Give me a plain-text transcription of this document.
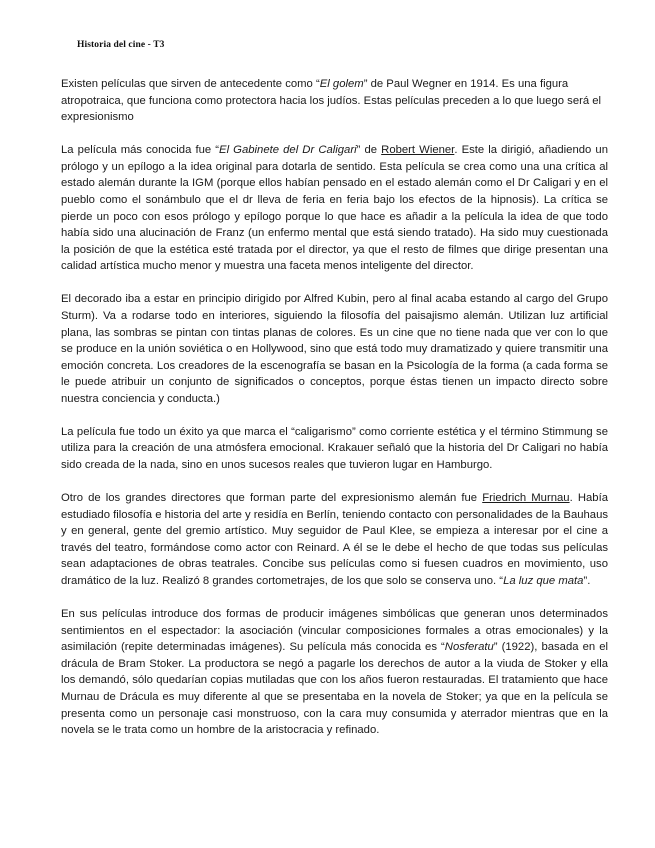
Historia del cine - T3

Existen películas que sirven de antecedente como “El golem” de Paul Wegner en 1914. Es una figura atropotraica, que funciona como protectora hacia los judíos. Estas películas preceden a lo que luego será el expresionismo

La película más conocida fue “El Gabinete del Dr Caligari” de Robert Wiener. Este la dirigió, añadiendo un prólogo y un epílogo a la idea original para dotarla de sentido. Esta película se crea como una una crítica al estado alemán durante la IGM (porque ellos habían pensado en el estado alemán como el Dr Caligari y en el pueblo como el sonámbulo que el dr lleva de feria en feria bajo los efectos de la hipnosis). La crítica se pierde un poco con esos prólogo y epílogo porque lo que hace es añadir a la película la idea de que todo había sido una alucinación de Franz (un enfermo mental que está siendo tratado). Ha sido muy cuestionada la posición de que la estética esté tratada por el director, ya que el resto de filmes que dirige presentan una calidad artística mucho menor y muestra una faceta menos inteligente del director.

El decorado iba a estar en principio dirigido por Alfred Kubin, pero al final acaba estando al cargo del Grupo Sturm). Va a rodarse todo en interiores, siguiendo la filosofía del paisajismo alemán. Utilizan luz artificial plana, las sombras se pintan con tintas planas de colores. Es un cine que no tiene nada que ver con lo que se produce en la unión soviética o en Hollywood, sino que está todo muy dramatizado y quiere transmitir una emoción concreta. Los creadores de la escenografía se basan en la Psicología de la forma (a cada forma se le puede atribuir un conjunto de significados o conceptos, porque éstas tienen un impacto directo sobre nuestra conciencia y conducta.)

La película fue todo un éxito ya que marca el “caligarismo” como corriente estética y el término Stimmung se utiliza para la creación de una atmósfera emocional. Krakauer señaló que la historia del Dr Caligari no había sido creada de la nada, sino en unos sucesos reales que tuvieron lugar en Hamburgo.

Otro de los grandes directores que forman parte del expresionismo alemán fue Friedrich Murnau. Había estudiado filosofía e historia del arte y residía en Berlín, teniendo contacto con personalidades de la Bauhaus y en general, gente del gremio artístico. Muy seguidor de Paul Klee, se empieza a interesar por el cine a través del teatro, formándose como actor con Reinard. A él se le debe el hecho de que todas sus películas sean adaptaciones de obras teatrales. Concibe sus películas como si fuesen cuadros en movimiento, uso dramático de la luz. Realizó 8 grandes cortometrajes, de los que solo se conserva uno. “La luz que mata”.

En sus películas introduce dos formas de producir imágenes simbólicas que generan unos determinados sentimientos en el espectador: la asociación (vincular composiciones formales a otras emocionales) y la asimilación (repite determinadas imágenes). Su película más conocida es “Nosferatu” (1922), basada en el drácula de Bram Stoker. La productora se negó a pagarle los derechos de autor a la viuda de Stoker y ella los demandó, sólo quedarían copias mutiladas que con los años fueron restauradas. El tratamiento que hace Murnau de Drácula es muy diferente al que se presentaba en la novela de Stoker; ya que en la película se presenta como un personaje casi monstruoso, con la cara muy consumida y aterrador mientras que en la novela se le trata como un hombre de la aristocracia y refinado.
